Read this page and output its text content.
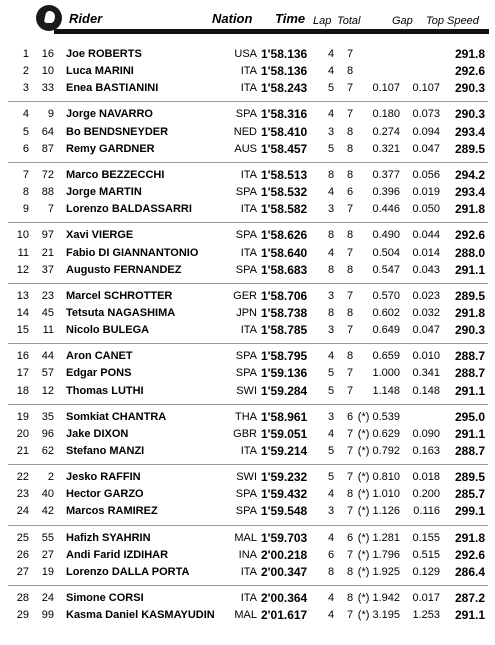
Rider	Nation Time Lap Total	Gap Top Speed
1	16 Joe ROBERTS	USA 1'58.136 4 7	291.8
2	10 Luca MARINI	ITA 1'58.136 4 8	292.6
3	33 Enea BASTIANINI	ITA 1'58.243 5 7 0.107 0.107 290.3
4	9 Jorge NAVARRO	SPA 1'58.316 4 7 0.180 0.073 290.3
5	64 Bo BENDSNEYDER	NED 1'58.410 3 8 0.274 0.094 293.4
6	87 Remy GARDNER	AUS 1'58.457 5 8 0.321 0.047 289.5
7	72 Marco BEZZECCHI	ITA 1'58.513 8 8 0.377 0.056 294.2
8	88 Jorge MARTIN	SPA 1'58.532 4 6 0.396 0.019 293.4
9	7 Lorenzo BALDASSARRI	ITA 1'58.582 3 7 0.446 0.050 291.8
10	97 Xavi VIERGE	SPA 1'58.626 8 8 0.490 0.044 292.6
11	21 Fabio DI GIANNANTONIO	ITA 1'58.640 4 7 0.504 0.014 288.0
12	37 Augusto FERNANDEZ	SPA 1'58.683 8 8 0.547 0.043 291.1
13	23 Marcel SCHROTTER	GER 1'58.706 3 7 0.570 0.023 289.5
14	45 Tetsuta NAGASHIMA	JPN 1'58.738 8 8 0.602 0.032 291.8
15	11 Nicolo BULEGA	ITA 1'58.785 3 7 0.649 0.047 290.3
16	44 Aron CANET	SPA 1'58.795 4 8 0.659 0.010 288.7
17	57 Edgar PONS	SPA 1'59.136 5 7 1.000 0.341 288.7
18	12 Thomas LUTHI	SWI 1'59.284 5 7 1.148 0.148 291.1
19	35 Somkiat CHANTRA	THA 1'58.961 3 6 (*) 0.539	295.0
20	96 Jake DIXON	GBR 1'59.051 4 7 (*) 0.629 0.090 291.1
21	62 Stefano MANZI	ITA 1'59.214 5 7 (*) 0.792 0.163 288.7
22	2 Jesko RAFFIN	SWI 1'59.232 5 7 (*) 0.810 0.018 289.5
23	40 Hector GARZO	SPA 1'59.432 4 8 (*) 1.010 0.200 285.7
24	42 Marcos RAMIREZ	SPA 1'59.548 3 7 (*) 1.126 0.116 299.1
25	55 Hafizh SYAHRIN	MAL 1'59.703 4 6 (*) 1.281 0.155 291.8
26	27 Andi Farid IZDIHAR	INA 2'00.218 6 7 (*) 1.796 0.515 292.6
27	19 Lorenzo DALLA PORTA	ITA 2'00.347 8 8 (*) 1.925 0.129 286.4
28	24 Simone CORSI	ITA 2'00.364 4 8 (*) 1.942 0.017 287.2
29	99 Kasma Daniel KASMAYUDIN	MAL 2'01.617 4 7 (*) 3.195 1.253 291.1
